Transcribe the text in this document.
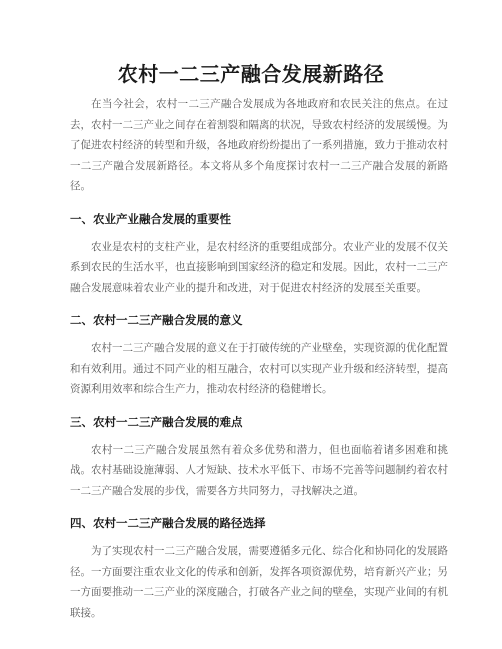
农村一二三产融合发展新路径

在当今社会，农村一二三产融合发展成为各地政府和农民关注的焦点。在过去，农村一二三产业之间存在着割裂和隔离的状况，导致农村经济的发展缓慢。为了促进农村经济的转型和升级，各地政府纷纷提出了一系列措施，致力于推动农村一二三产融合发展新路径。本文将从多个角度探讨农村一二三产融合发展的新路径。

一、农业产业融合发展的重要性

农业是农村的支柱产业，是农村经济的重要组成部分。农业产业的发展不仅关系到农民的生活水平，也直接影响到国家经济的稳定和发展。因此，农村一二三产融合发展意味着农业产业的提升和改进，对于促进农村经济的发展至关重要。

二、农村一二三产融合发展的意义

农村一二三产融合发展的意义在于打破传统的产业壁垒，实现资源的优化配置和有效利用。通过不同产业的相互融合，农村可以实现产业升级和经济转型，提高资源利用效率和综合生产力，推动农村经济的稳健增长。

三、农村一二三产融合发展的难点

农村一二三产融合发展虽然有着众多优势和潜力，但也面临着诸多困难和挑战。农村基础设施薄弱、人才短缺、技术水平低下、市场不完善等问题制约着农村一二三产融合发展的步伐，需要各方共同努力，寻找解决之道。

四、农村一二三产融合发展的路径选择

为了实现农村一二三产融合发展，需要遵循多元化、综合化和协同化的发展路径。一方面要注重农业文化的传承和创新，发挥各项资源优势，培育新兴产业；另一方面要推动一二三产业的深度融合，打破各产业之间的壁垒，实现产业间的有机联接。
